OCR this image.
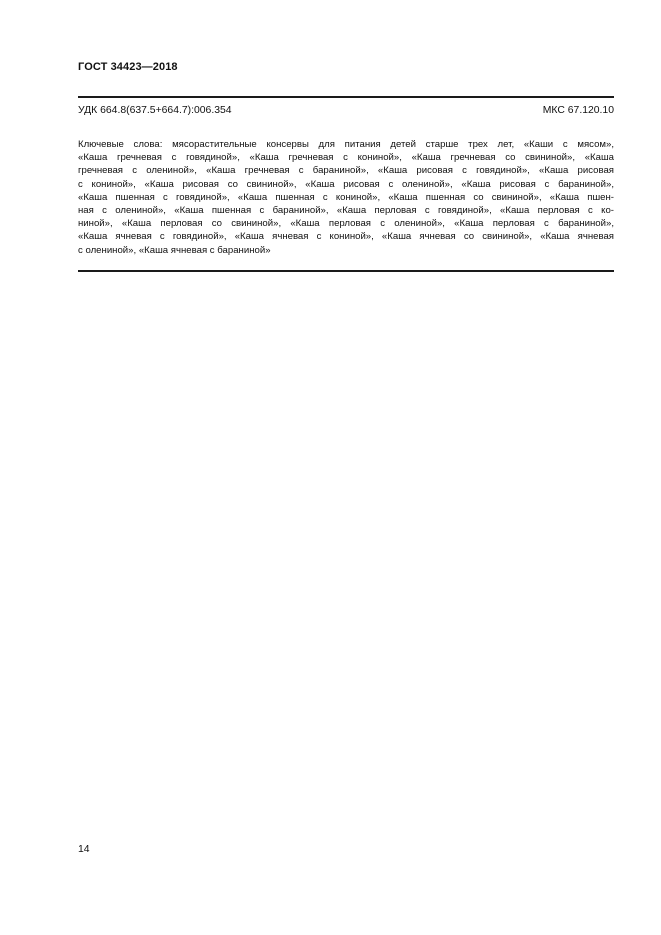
ГОСТ 34423—2018
УДК 664.8(637.5+664.7):006.354	МКС 67.120.10
Ключевые слова: мясорастительные консервы для питания детей старше трех лет, «Каши с мясом»,
«Каша гречневая с говядиной», «Каша гречневая с кониной», «Каша гречневая со свининой», «Каша
гречневая с олениной», «Каша гречневая с бараниной», «Каша рисовая с говядиной», «Каша рисовая
с кониной», «Каша рисовая со свининой», «Каша рисовая с олениной», «Каша рисовая с бараниной»,
«Каша пшенная с говядиной», «Каша пшенная с кониной», «Каша пшенная со свининой», «Каша пшен-
ная с олениной», «Каша пшенная с бараниной», «Каша перловая с говядиной», «Каша перловая с ко-
ниной», «Каша перловая со свининой», «Каша перловая с олениной», «Каша перловая с бараниной»,
«Каша ячневая с говядиной», «Каша ячневая с кониной», «Каша ячневая со свининой», «Каша ячневая
с олениной», «Каша ячневая с бараниной»
14
